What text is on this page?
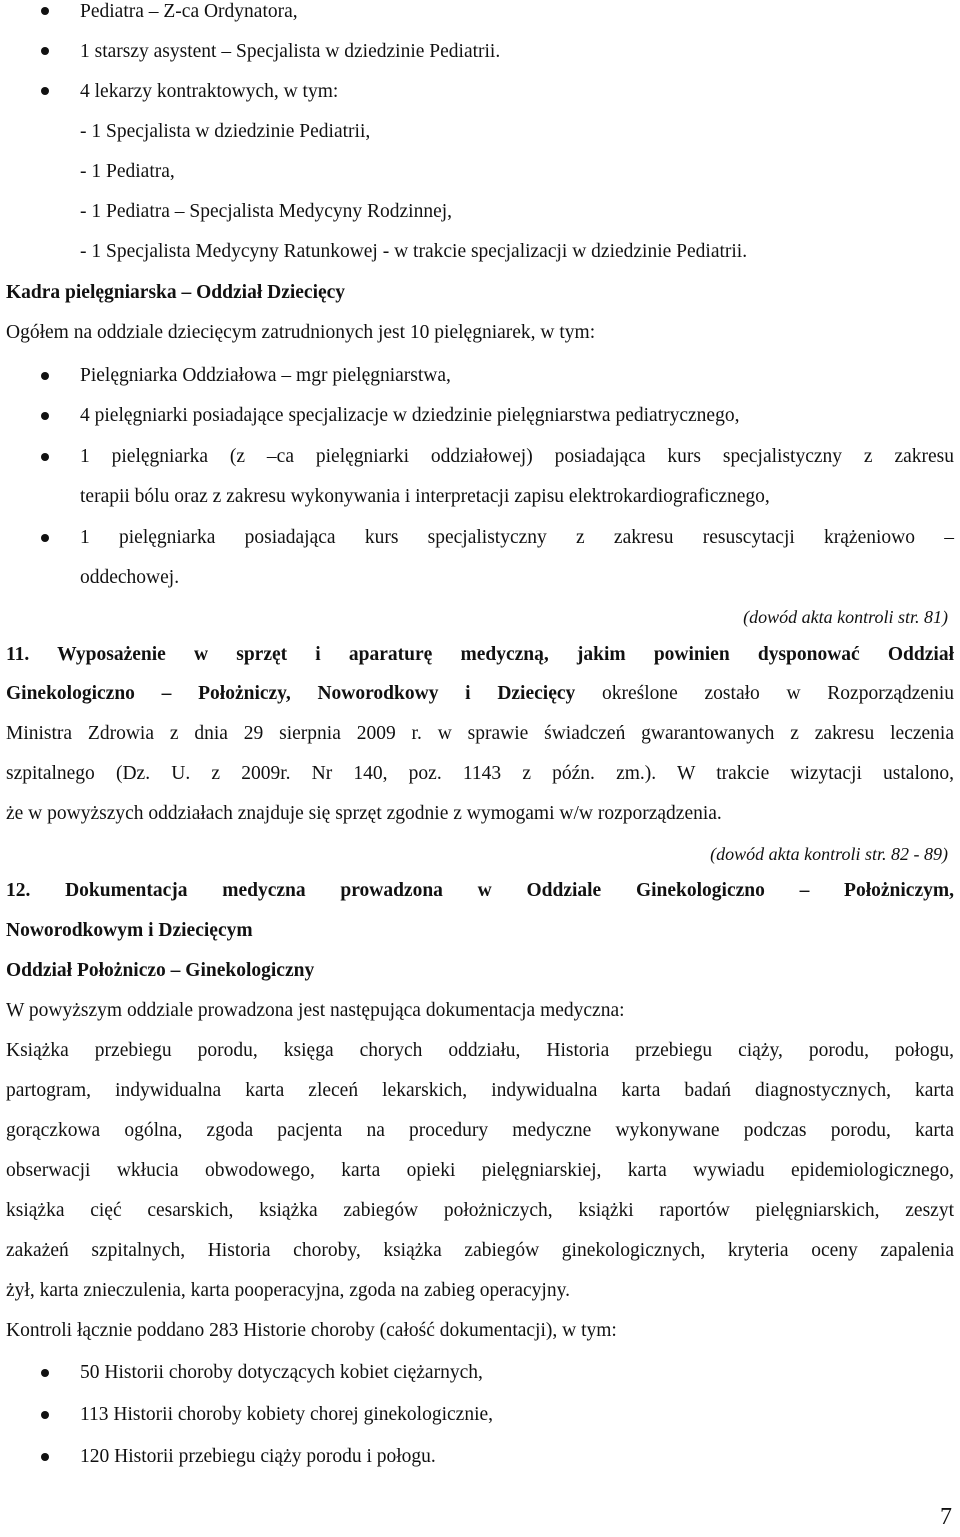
Pediatra – Z-ca Ordynatora,
1 starszy asystent – Specjalista w dziedzinie Pediatrii.
4 lekarzy kontraktowych, w tym:
- 1 Specjalista w dziedzinie Pediatrii,
- 1 Pediatra,
- 1 Pediatra – Specjalista Medycyny Rodzinnej,
- 1 Specjalista Medycyny Ratunkowej - w trakcie specjalizacji w dziedzinie Pediatrii.
Kadra pielęgniarska – Oddział Dziecięcy
Ogółem na oddziale dziecięcym zatrudnionych jest 10 pielęgniarek, w tym:
Pielęgniarka Oddziałowa – mgr pielęgniarstwa,
4 pielęgniarki posiadające specjalizacje w dziedzinie pielęgniarstwa pediatrycznego,
1 pielęgniarka (z –ca pielęgniarki oddziałowej) posiadająca kurs specjalistyczny z zakresu
terapii bólu oraz z zakresu wykonywania i interpretacji zapisu elektrokardiograficznego,
1 pielęgniarka posiadająca kurs specjalistyczny z zakresu resuscytacji krążeniowo –
oddechowej.
(dowód akta kontroli str. 81)
11. Wyposażenie w sprzęt i aparaturę medyczną, jakim powinien dysponować Oddział
Ginekologiczno – Położniczy, Noworodkowy i Dziecięcy określone zostało w Rozporządzeniu
Ministra Zdrowia z dnia 29 sierpnia 2009 r. w sprawie świadczeń gwarantowanych z zakresu leczenia
szpitalnego (Dz. U. z 2009r. Nr 140, poz. 1143 z późn. zm.). W trakcie wizytacji ustalono,
że w powyższych oddziałach znajduje się sprzęt zgodnie z wymogami w/w rozporządzenia.
(dowód akta kontroli str. 82 - 89)
12. Dokumentacja medyczna prowadzona w Oddziale Ginekologiczno – Położniczym,
Noworodkowym i Dziecięcym
Oddział Położniczo – Ginekologiczny
W powyższym oddziale prowadzona jest następująca dokumentacja medyczna:
Książka przebiegu porodu, księga chorych oddziału, Historia przebiegu ciąży, porodu, połogu,
partogram, indywidualna karta zleceń lekarskich, indywidualna karta badań diagnostycznych, karta
gorączkowa ogólna, zgoda pacjenta na procedury medyczne wykonywane podczas porodu, karta
obserwacji wkłucia obwodowego, karta opieki pielęgniarskiej, karta wywiadu epidemiologicznego,
książka cięć cesarskich, książka zabiegów położniczych, książki raportów pielęgniarskich, zeszyt
zakażeń szpitalnych, Historia choroby, książka zabiegów ginekologicznych, kryteria oceny zapalenia
żył, karta znieczulenia, karta pooperacyjna, zgoda na zabieg operacyjny.
Kontroli łącznie poddano 283 Historie choroby (całość dokumentacji), w tym:
50 Historii choroby dotyczących kobiet ciężarnych,
113 Historii choroby kobiety chorej ginekologicznie,
120 Historii przebiegu ciąży porodu i połogu.
7
